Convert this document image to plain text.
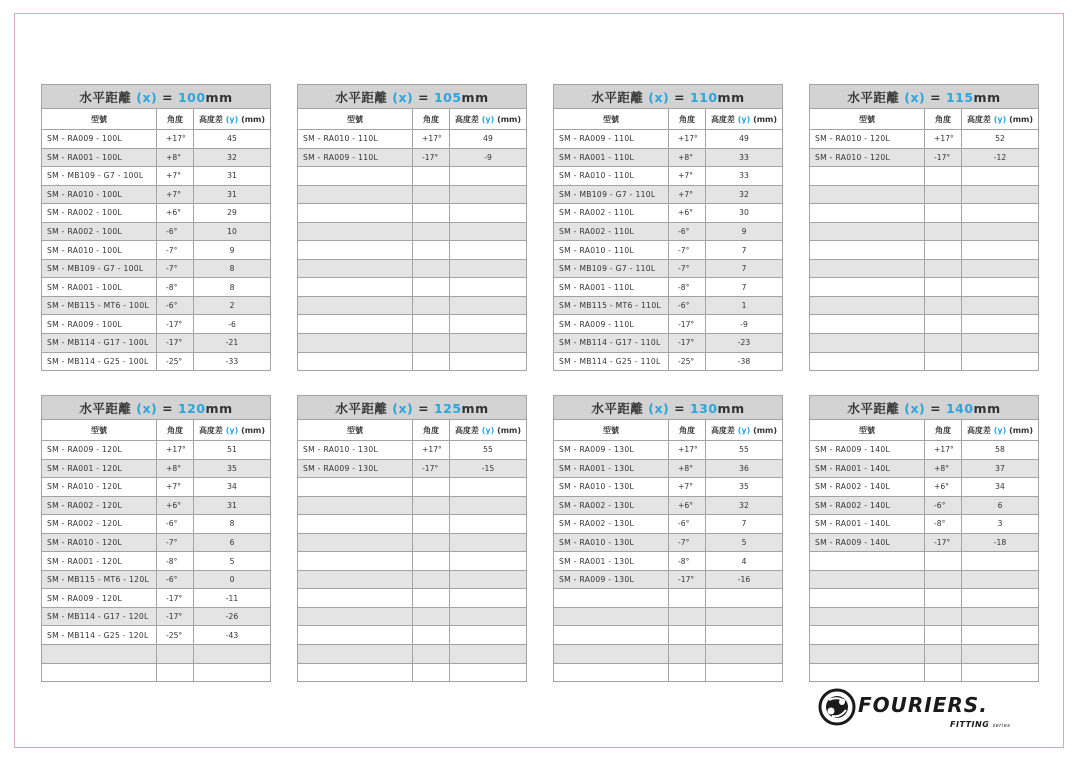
水平距離 (x) = 100mm		
型號	角度	高度差 (y) (mm)
SM - RA009 - 100L	+17°	45
SM - RA001 - 100L	+8°	32
SM - MB109 - G7 - 100L	+7°	31
SM - RA010 - 100L	+7°	31
SM - RA002 - 100L	+6°	29
SM - RA002 - 100L	-6°	10
SM - RA010 - 100L	-7°	9
SM - MB109 - G7 - 100L	-7°	8
SM - RA001 - 100L	-8°	8
SM - MB115 - MT6 - 100L	-6°	2
SM - RA009 - 100L	-17°	-6
SM - MB114 - G17 - 100L	-17°	-21
SM - MB114 - G25 - 100L	-25°	-33
水平距離 (x) = 105mm		
型號	角度	高度差 (y) (mm)
SM - RA010 - 110L	+17°	49
SM - RA009 - 110L	-17°	-9

水平距離 (x) = 110mm		
型號	角度	高度差 (y) (mm)
SM - RA009 - 110L	+17°	49
SM - RA001 - 110L	+8°	33
SM - RA010 - 110L	+7°	33
SM - MB109 - G7 - 110L	+7°	32
SM - RA002 - 110L	+6°	30
SM - RA002 - 110L	-6°	9
SM - RA010 - 110L	-7°	7
SM - MB109 - G7 - 110L	-7°	7
SM - RA001 - 110L	-8°	7
SM - MB115 - MT6 - 110L	-6°	1
SM - RA009 - 110L	-17°	-9
SM - MB114 - G17 - 110L	-17°	-23
SM - MB114 - G25 - 110L	-25°	-38
水平距離 (x) = 115mm		
型號	角度	高度差 (y) (mm)
SM - RA010 - 120L	+17°	52
SM - RA010 - 120L	-17°	-12

水平距離 (x) = 120mm		
型號	角度	高度差 (y) (mm)
SM - RA009 - 120L	+17°	51
SM - RA001 - 120L	+8°	35
SM - RA010 - 120L	+7°	34
SM - RA002 - 120L	+6°	31
SM - RA002 - 120L	-6°	8
SM - RA010 - 120L	-7°	6
SM - RA001 - 120L	-8°	5
SM - MB115 - MT6 - 120L	-6°	0
SM - RA009 - 120L	-17°	-11
SM - MB114 - G17 - 120L	-17°	-26
SM - MB114 - G25 - 120L	-25°	-43

水平距離 (x) = 125mm		
型號	角度	高度差 (y) (mm)
SM - RA010 - 130L	+17°	55
SM - RA009 - 130L	-17°	-15

水平距離 (x) = 130mm		
型號	角度	高度差 (y) (mm)
SM - RA009 - 130L	+17°	55
SM - RA001 - 130L	+8°	36
SM - RA010 - 130L	+7°	35
SM - RA002 - 130L	+6°	32
SM - RA002 - 130L	-6°	7
SM - RA010 - 130L	-7°	5
SM - RA001 - 130L	-8°	4
SM - RA009 - 130L	-17°	-16

水平距離 (x) = 140mm		
型號	角度	高度差 (y) (mm)
SM - RA009 - 140L	+17°	58
SM - RA001 - 140L	+8°	37
SM - RA002 - 140L	+6°	34
SM - RA002 - 140L	-6°	6
SM - RA001 - 140L	-8°	3
SM - RA009 - 140L	-17°	-18

FOURIERS.
FITTING series
